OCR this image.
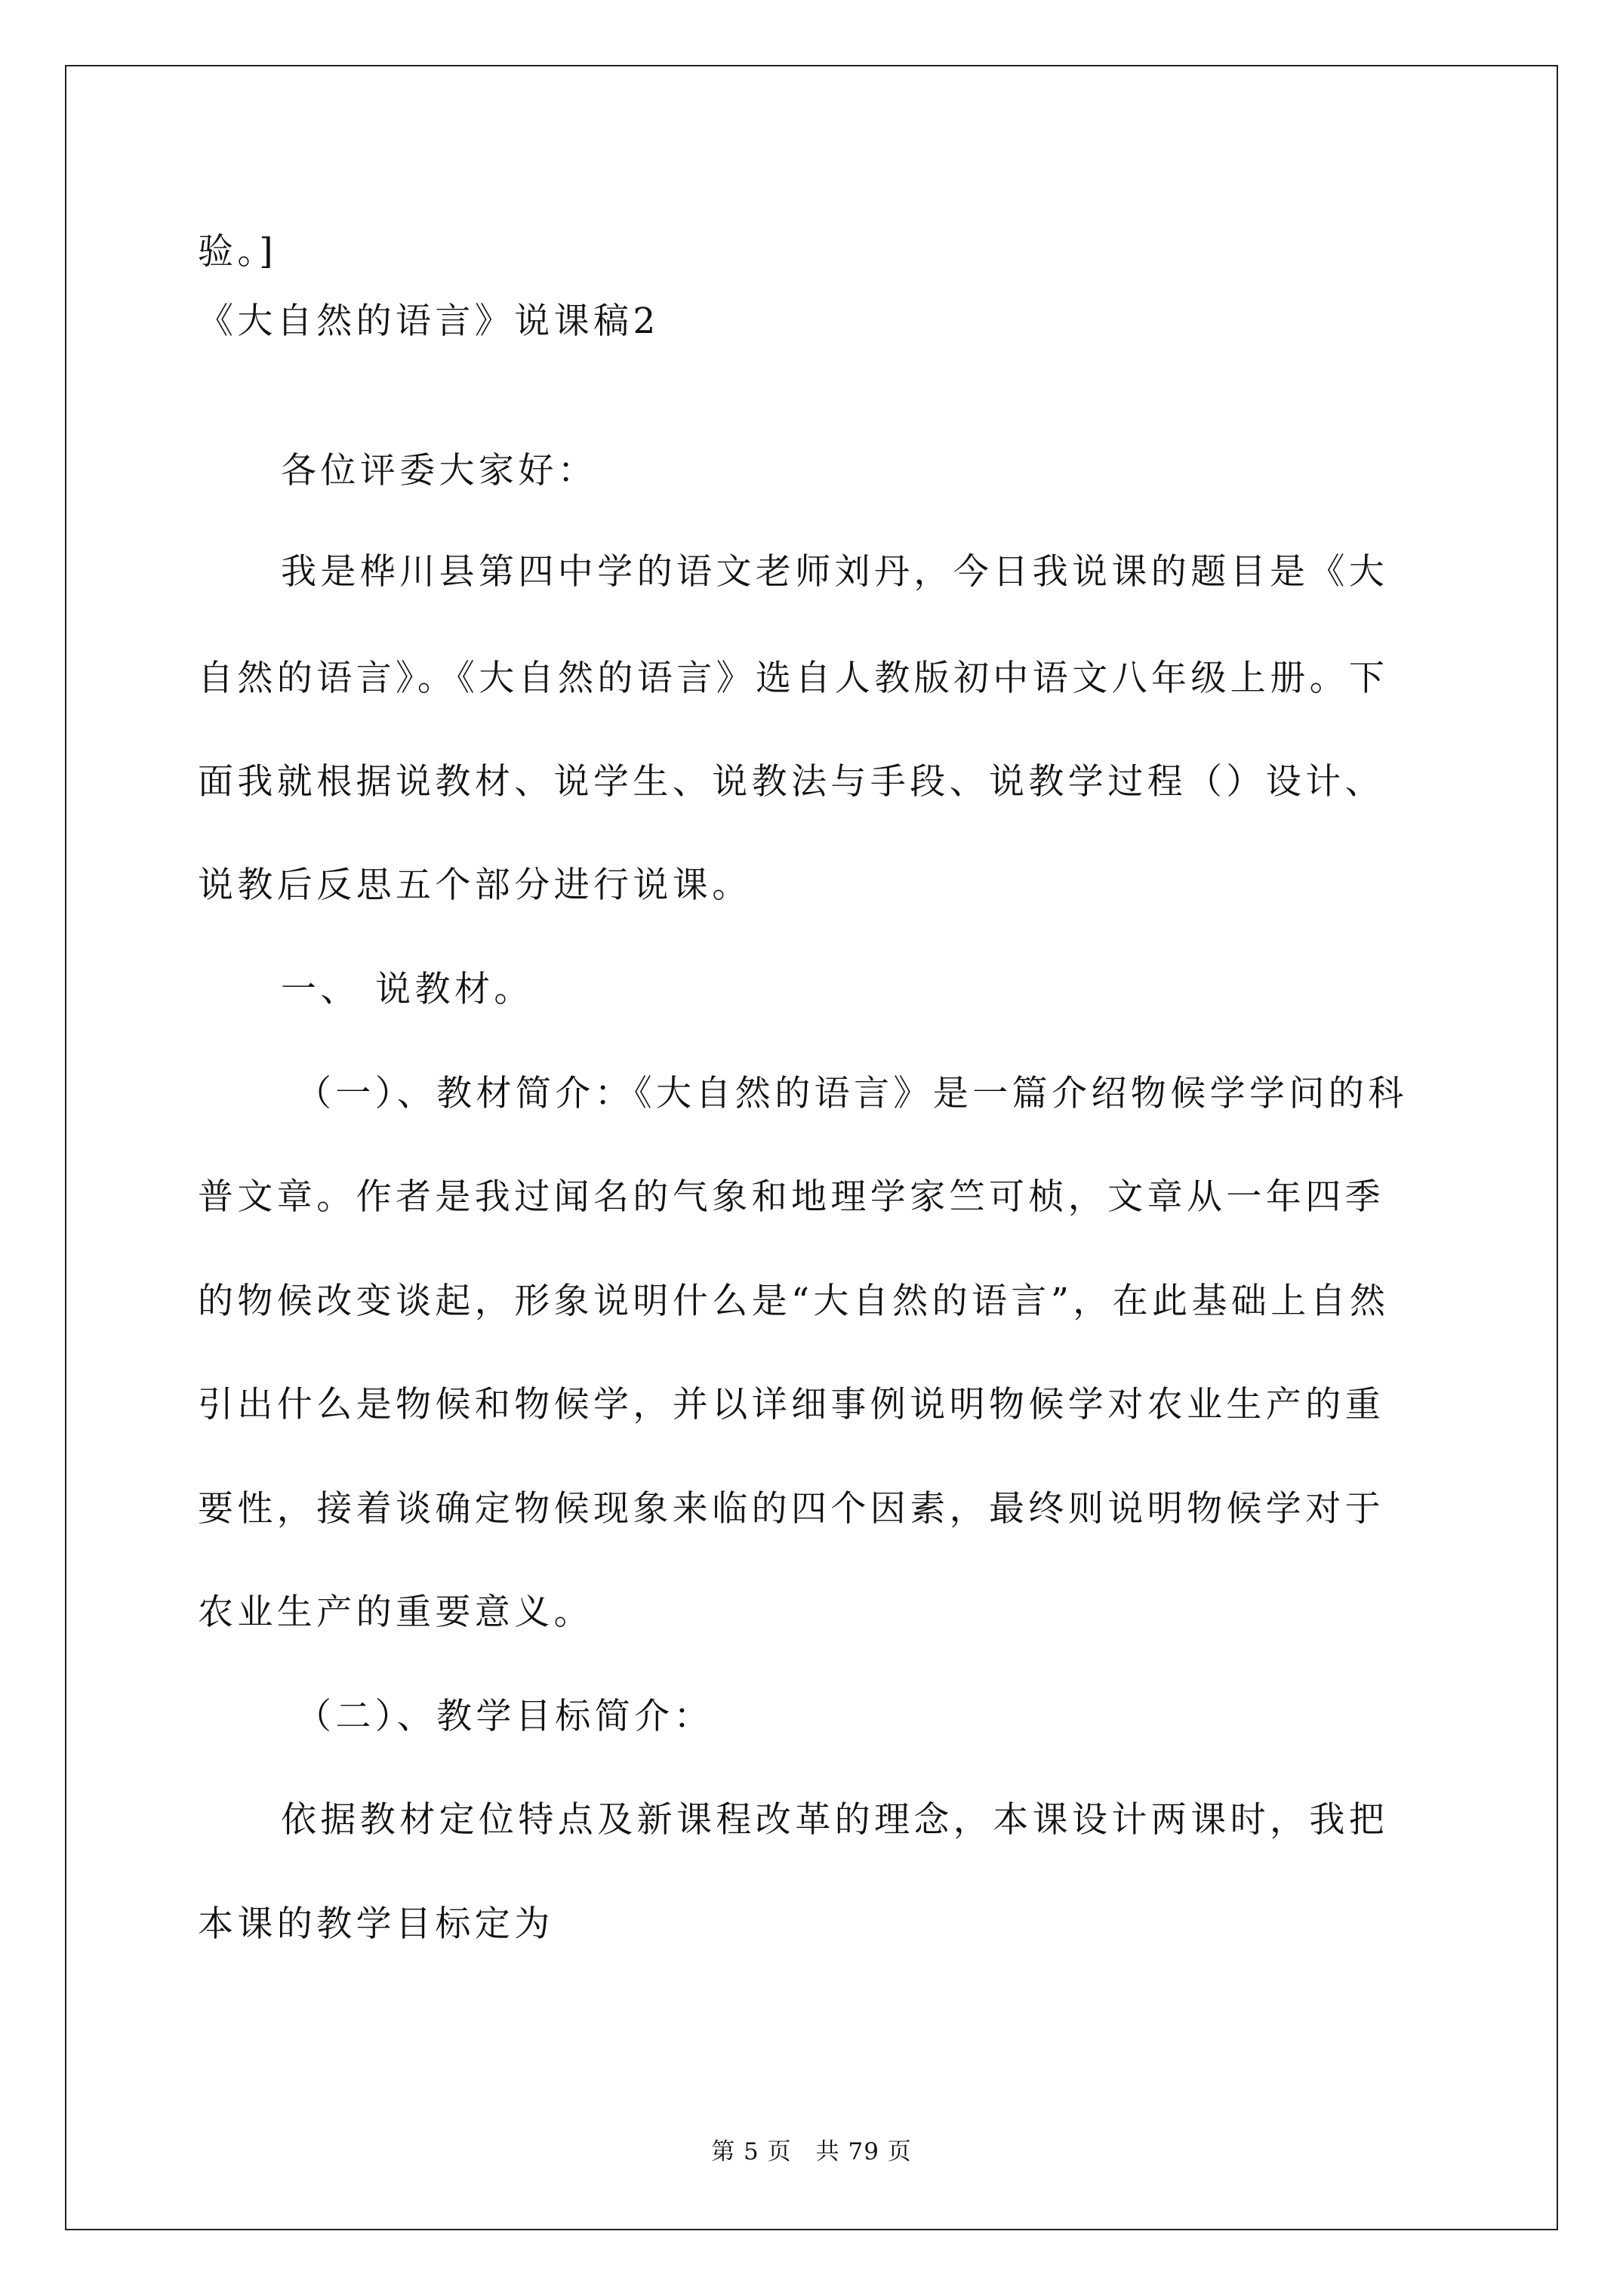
验。]
《大自然的语言》说课稿2
各位评委大家好：
我是桦川县第四中学的语文老师刘丹，今日我说课的题目是《大
自然的语言》。《大自然的语言》选自人教版初中语文八年级上册。下
面我就根据说教材、说学生、说教法与手段、说教学过程（）设计、
说教后反思五个部分进行说课。
一、 说教材。
（一）、教材简介：《大自然的语言》是一篇介绍物候学学问的科
普文章。作者是我过闻名的气象和地理学家竺可桢，文章从一年四季
的物候改变谈起，形象说明什么是“大自然的语言”，在此基础上自然
引出什么是物候和物候学，并以详细事例说明物候学对农业生产的重
要性，接着谈确定物候现象来临的四个因素，最终则说明物候学对于
农业生产的重要意义。
（二）、教学目标简介：
依据教材定位特点及新课程改革的理念，本课设计两课时，我把
本课的教学目标定为
第 5 页　共 79 页
